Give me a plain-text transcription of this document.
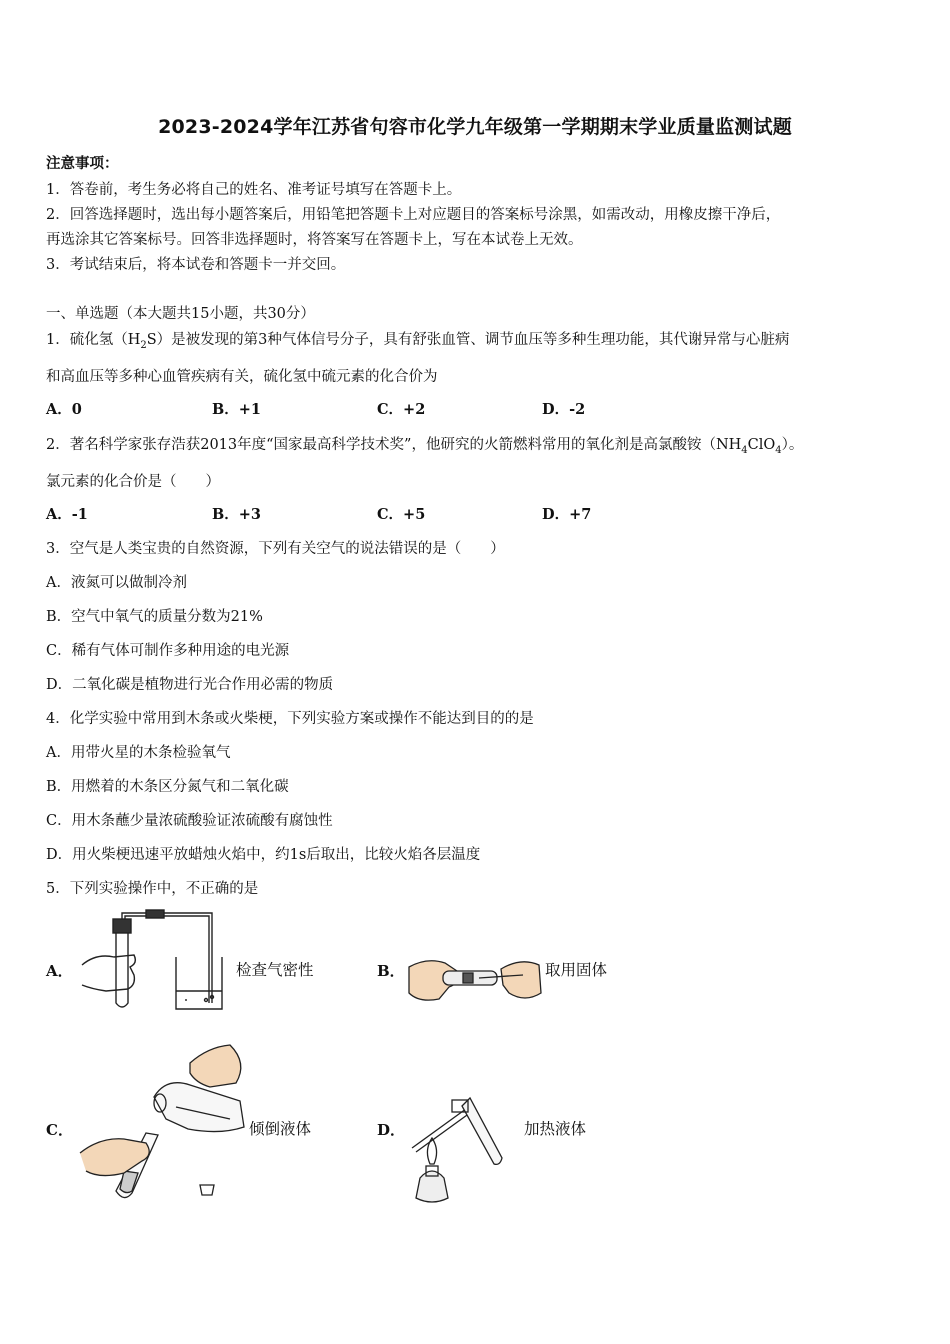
2023-2024学年江苏省句容市化学九年级第一学期期末学业质量监测试题
注意事项：
1．答卷前，考生务必将自己的姓名、准考证号填写在答题卡上。
2．回答选择题时，选出每小题答案后，用铅笔把答题卡上对应题目的答案标号涂黑，如需改动，用橡皮擦干净后，
再选涂其它答案标号。回答非选择题时，将答案写在答题卡上，写在本试卷上无效。
3．考试结束后，将本试卷和答题卡一并交回。
一、单选题（本大题共15小题，共30分）
1．硫化氢$(H_2S)$是被发现的第3种气体信号分子，具有舒张血管、调节血压等多种生理功能，其代谢异常与心脏病
和高血压等多种心血管疾病有关，硫化氢中硫元素的化合价为
A．0	B．+1	C．+2	D．-2
2．著名科学家张存浩获2013年度“国家最高科学技术奖”，他研究的火箭燃料常用的氧化剂是高氯酸铵$(NH_4ClO_4)$。
氯元素的化合价是（　　）
A．-1	B．+3	C．+5	D．+7
3．空气是人类宝贵的自然资源，下列有关空气的说法错误的是（　　）
A．液氮可以做制冷剂
B．空气中氧气的质量分数为21%
C．稀有气体可制作多种用途的电光源
D．二氧化碳是植物进行光合作用必需的物质
4．化学实验中常用到木条或火柴梗，下列实验方案或操作不能达到目的的是
A．用带火星的木条检验氧气
B．用燃着的木条区分氮气和二氧化碳
C．用木条蘸少量浓硫酸验证浓硫酸有腐蚀性
D．用火柴梗迅速平放蜡烛火焰中，约1s后取出，比较火焰各层温度
5．下列实验操作中，不正确的是
A．	检查气密性	B．	取用固体
C．	倾倒液体	D．	加热液体
